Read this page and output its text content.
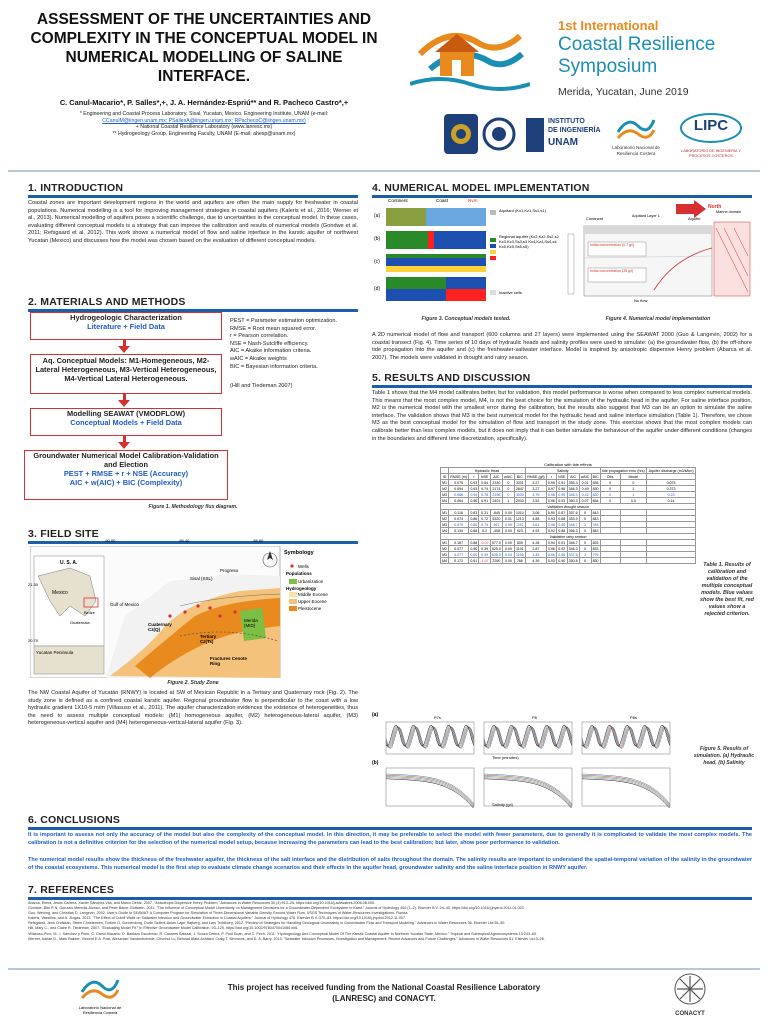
ASSESSMENT OF THE UNCERTAINTIES AND COMPLEXITY IN THE CONCEPTUAL MODEL IN NUMERICAL MODELLING OF SALINE INTERFACE.
C. Canul-Macario*, P. Salles*,+, J. A. Hernández-Espriú** and R. Pacheco Castro*,+
* Engineering and Coastal Process Laboratory, Sisal, Yucatan, Mexico. Engineering Institute, UNAM (e-mail:
CCanulM@iingen.unam.mx; PSallesA@iingen.unam.mx; RPachecoC@iingen.unam.mx)
+ National Coastal Resilience Laboratory (www.lanresc.mx)
** Hydrogeology Group, Engineering Faculty, UNAM (E-mail: ahesp@unam.mx)
1st International
Coastal Resilience
Symposium
Merida, Yucatan, June 2019
INSTITUTO
DE INGENIERÍA
UNAM	Laboratorio Nacional de Resiliencia Costera
LIPC
LABORATORIO DE INGENIERÍA Y PROCESOS COSTEROS
1. INTRODUCTION
Coastal zones are important development regions in the world and aquifers are often the main supply for freshwater in coastal populations. Numerical modelling is a tool for improving management strategies in coastal aquifers (Kaleris et al., 2016; Werner et al., 2013). Numerical modelling of aquifers poses a scientific challenge, due to uncertainties in the conceptual model. In these cases, evaluating different conceptual models is a strategy that can improve the calibration and results of numerical models (Gondwe et al. 2011; Refsgaard et al. 2012). This work shows a numerical model of flow and saline interface in the karstic aquifer of northwest Yucatan (Mexico) and discusses how the model was chosen based on the evaluation of different conceptual models.
2. MATERIALS AND METHODS
Hydrogeologic Characterization
Literature + Field Data
Aq. Conceptual Models: M1-Homegeneous, M2-Lateral Heterogeneous, M3-Vertical Heterogeneous, M4-Vertical Lateral Heterogeneous.
Modelling SEAWAT (VMODFLOW)
Conceptual Models + Field Data
Groundwater Numerical Model Calibration-Validation and Election
PEST + RMSE + r + NSE (Accuracy)
AIC + w(AIC) + BIC (Complexity)
PEST = Parameter estimation optimization.
RMSE = Root mean squared error.
r = Pearson correlation.
NSE = Nash-Sutcliffe efficiency.
AIC = Akaike information criteria.
wAIC = Akaike weights
BIC = Bayesian information criteria.
(Hill and Tiedeman 2007)
Figure 1. Methodology flux diagram.
3. FIELD SITE
Symbology
Wells
Populations
Urbanization
Hydrogeology
Middle Eocene
Upper Eocene
Pleistocene
U. S. A.
Mexico
Belize
Guatemala
Yucatan Peninsula
Gulf of Mexico
Sisal (SSL)
Progreso
Merida (MID)
Fractures Cenote Ring
Cuaternary Cz(Q)
Tertiary Cz(Ts)
-90.00	-89.40	-88.80
21.30
20.70
Figure 2. Study Zone
The NW Coastal Aquifer of Yucatán (RNWY) is located at SW of Mexican Republic in a Tertiary and Quaternary rock (Fig. 2). The study zone is defined as a confined coastal karstic aquifer. Regional groundwater flow is perpendicular to the coast with a low hydraulic gradient 1X10-5 m/m (Villasuso et al., 2011). The aquifer characterization evidences the existence of heterogeneities, thus the need to assess multiple conceptual models: (M1) homogeneous aquifer, (M2) heterogeneous-lateral aquifer, (M3) heterogeneous-vertical aquifer and (M4) heterogeneous-vertical-lateral aquifer (Fig. 3).
4. NUMERICAL MODEL IMPLEMENTATION
Continent	Coast	Nvm
(a)
(b)
(c)
(d)
Aquitard (Kx1,Kz1,Ss1,s1)
Regional aquifer (Kx2,Kz2,Ss2,s2 Kx3,Kz3,Ss3,s3 Kx4,Kz4,Ss4,s4 Kx5,Kz5,Ss5,s5)
Inactive cells
Figure 3. Conceptual models tested.
North
Marine domain
Continent	Aquitard Layer 1	Aquifer
Initial concentration (0.7 g/l)
Initial concentration (35 g/l)
No flow
Figure 4. Numerical model implementation
A 2D numerical model of flow and transport (600 columns and 27 layers) were implemented using the SEAWAT 2000 (Guo & Langevin, 2002) for a coastal transect (Fig. 4). Time series of 10 days of hydraulic heads and salinity profiles were used to simulate: (a) the groundwater flow, (b) the off-shore tide propagation into the aquifer and (c) the freshwater-saltwater interface. Model is inspired by anisotropic dispersive Henry problem (Abarca et al. 2007). The models were validated in drought and rainy season.
5. RESULTS AND DISCUSSION
Table 1 shows that the M4 model calibrates better, but for validation, this model performance is worse when compared to less complex numerical models. This means that the most complex model, M4, is not the best choice for the simulation of the hydraulic head in the aquifer. For saline interface position, M2 is the numerical model with the smallest error during the calibration, but the results also suggest that M3 can be an option to simulate the saline interface. The validation shows that M3 is the best numerical model for the hydraulic head and saline interface simulation (Table 1). Therefore, we chose M3 as the best conceptual model for the simulation of flow and transport in the study zone. This exercise shows that the most complex models can calibrate better than less complex models, but it does not imply that it can better simulate the behaviour of the aquifer under different conditions (changes in the boundaries and different time discretization, specifically).
Calibration with tide effects
	Hydraulic Head						Salinity						tide propagation error (hrs)		Aquifer discharge (m3/s/km)
ID	RMSE (m)	r	NSE	AIC	wAIC	BIC	RMSE (g/l)	r	NSE	AIC	wAIC	BIC	Obs	Model	
M1	0.075	0.93	0.84	2330	0	3331	3.27	0.95	0.91	355.3	0.01	836	0	0	0.075
M2	0.094	0.93	0.74	2174	0	2847	3.27	0.97	0.96	346.3	0.49	830	0	1	0.373
M3	0.086	0.94	0.78	2196	0	3030	3.79	0.96	0.95	346.3	0.42	830	0	1	0.23
M4	0.064	0.96	0.91	2401	1	2933	3.52	0.96	0.93	350.3	0.07	834	0	0.5	0.14
Validation drought season															
M1	0.116	0.83	0.31	-645	0.00	1010	3.06	0.90	0.87	357.6	0	843			
M2	0.074	0.86	0.72	5320	0.01	1213	4.85	0.93	0.88	353.9	0	843			
M3	0.070	0.86	0.74	461	0.99	-231	3.61	0.96	0.96	348.7	1	783			
M4	0.134	0.88	0.2	-408	0.00	923	4.93	0.92	0.88	356.3	0	843			
Validation rainy season															
M1	0.167	0.88	-0.07	577.0	0.00	839	4.28	0.94	0.91	348.7	0	825			
M2	0.077	0.90	0.39	625.0	0.00	1191	2.87	0.96	0.92	346.3	0	833			
M3	0.077	0.90	0.39	635.0	0.04	1195	3.45	0.96	0.96	337.5	1	776			
M4	0.172	0.91	-1.07	2290	0.00	766	4.39	0.93	0.90	350.8	0	830			
Table 1. Results of calibration and validation of the multiple conceptual models. Blue values show the best fit, red values show a rejected criterion.
(a)
(b)
P7s	P8	P8s
Time (minutes)
Salinity (g/l)
Figure 5. Results of simulation. (a) Hydraulic head, (b) Salinity
6. CONCLUSIONS
It is important to assess not only the accuracy of the model but also the complexity of the conceptual model. In this direction, it may be preferable to select the model with fewer parameters, due to generally it is complicated to validate the most complex models. The calibration is not a definitive criterion for the selection of the numerical model setup, because increasing the parameters can lead to the best calibration; but later, show poor performance to validation.
The numerical model results show the thickness of the freshwater aquifer, the thickness of the salt interface and the distribution of salts throughout the domain. The salinity results are important to understand the spatial-temporal variation of the salinity in the groundwater of the coastal ecosystems. This numerical model is the first step to evaluate climate change scenarios and their effects in the aquifer head, groundwater salinity and the saline interface position in RNWY aquifer.
7. REFERENCES
Abarca, Elena, Jesús Carrera, Xavier Sánchez-Vila, and Marco Dentz. 2007. "Anisotropic Dispersive Henry Problem." Advances in Water Resources 30 (4):913–26. https://doi.org/10.1016/j.advwatres.2006.08.005.
Gondwe, Bibi R N, Gonzalo Merediz-Alonso, and Peter Bauer-Gottwein. 2011. "The Influence of Conceptual Model Uncertainty on Management Decisions for a Groundwater-Dependent Ecosystem in Karst." Journal of Hydrology 400 (1–2). Elsevier B.V.:24–40. https://doi.org/10.1016/j.jhydrol.2011.01.023.
Guo, Weixing, and Christian D. Langevin. 2002. User's Guide to SEAWAT: A Computer Program for Simulation of Three-Dimensional Variable-Density Ground-Water Flow. USGS Techniques of Water-Resources Investigations. Florida.
Kaleris, Vassilios, and A. Ziogas. 2013. "The Effect of Cutoff Walls on Saltwater Intrusion and Groundwater Extraction in Coastal Aquifers." Journal of Hydrology 476. Elsevier B.V.:370–83. https://doi.org/10.1016/j.jhydrol.2012.11.007.
Refsgaard, Jens Christian, Steen Christensen, Torben O. Sonnenborg, Dorte Seifert, Anker Lajer Højberg, and Lars Troldborg. 2012. "Review of Strategies for Handling Geological Uncertainty in Groundwater Flow and Transport Modeling." Advances in Water Resources 36. Elsevier Ltd:36–50.
Hill, Mary C., and Claire R. Tiedeman. 2007. "Evaluating Model Fit." In Effective Groundwater Model Calibration, 93–125. https://doi.org/10.1002/9780470041086.ch6.
Villasuso-Pino, M., I. Sánchez y Pinto, C. Canul Macario, O. Baldazo Escobedo, R. Casares Salazar, J. Souza Cetina, P. Pool Euan, and C. Pech. 2011. "Hydrogeology And Conceptual Model Of The Karstic Coastal Aquifer In Northern Yucatan State, Mexico." Tropical and Subtropical Agroecosystems 13:243–60.
Werner, Adrian D., Mark Bakker, Vincent E.A. Post, Alexander Vandenbohede, Chunhui Lu, Behzad Ataie-Ashtiani, Craig T. Simmons, and D. A. Barry. 2013. "Seawater Intrusion Processes, Investigation and Management: Recent Advances and Future Challenges." Advances in Water Resources 51. Elsevier Ltd:3–26.
Laboratorio Nacional de Resiliencia Costera
This project has received funding from the National Coastal Resilience Laboratory (LANRESC) and CONACYT.
CONACYT
